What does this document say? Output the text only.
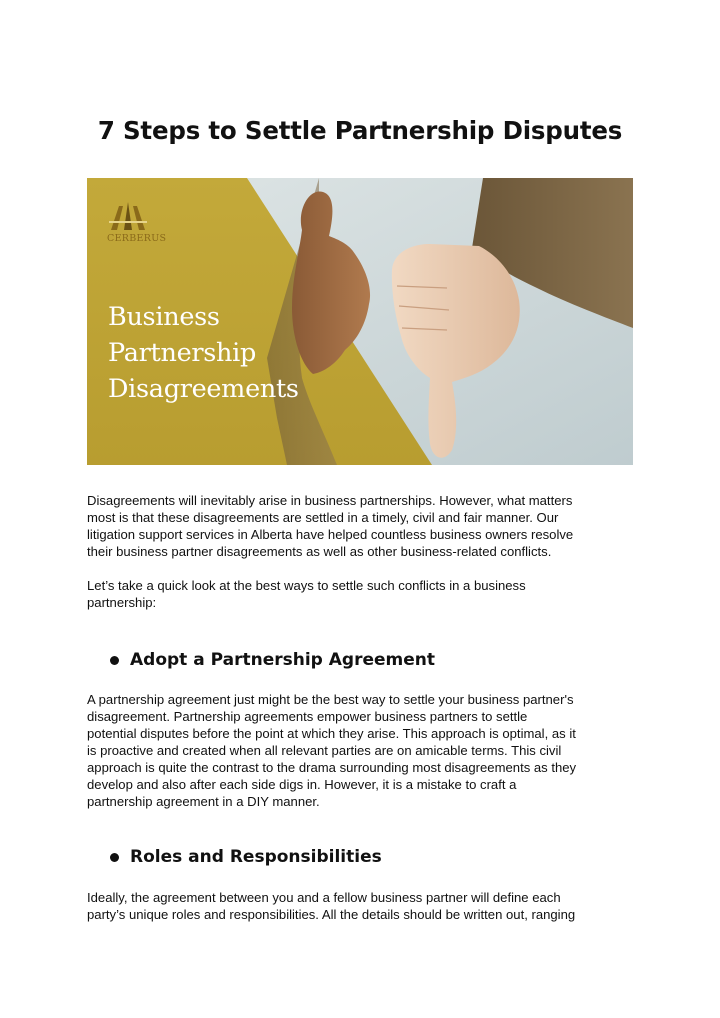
7 Steps to Settle Partnership Disputes
CERBERUS
Business
Partnership
Disagreements
Disagreements will inevitably arise in business partnerships. However, what matters
most is that these disagreements are settled in a timely, civil and fair manner. Our
litigation support services in Alberta have helped countless business owners resolve
their business partner disagreements as well as other business-related conflicts.
Let’s take a quick look at the best ways to settle such conflicts in a business
partnership:
Adopt a Partnership Agreement
A partnership agreement just might be the best way to settle your business partner's
disagreement. Partnership agreements empower business partners to settle
potential disputes before the point at which they arise. This approach is optimal, as it
is proactive and created when all relevant parties are on amicable terms. This civil
approach is quite the contrast to the drama surrounding most disagreements as they
develop and also after each side digs in. However, it is a mistake to craft a
partnership agreement in a DIY manner.
Roles and Responsibilities
Ideally, the agreement between you and a fellow business partner will define each
party’s unique roles and responsibilities. All the details should be written out, ranging
